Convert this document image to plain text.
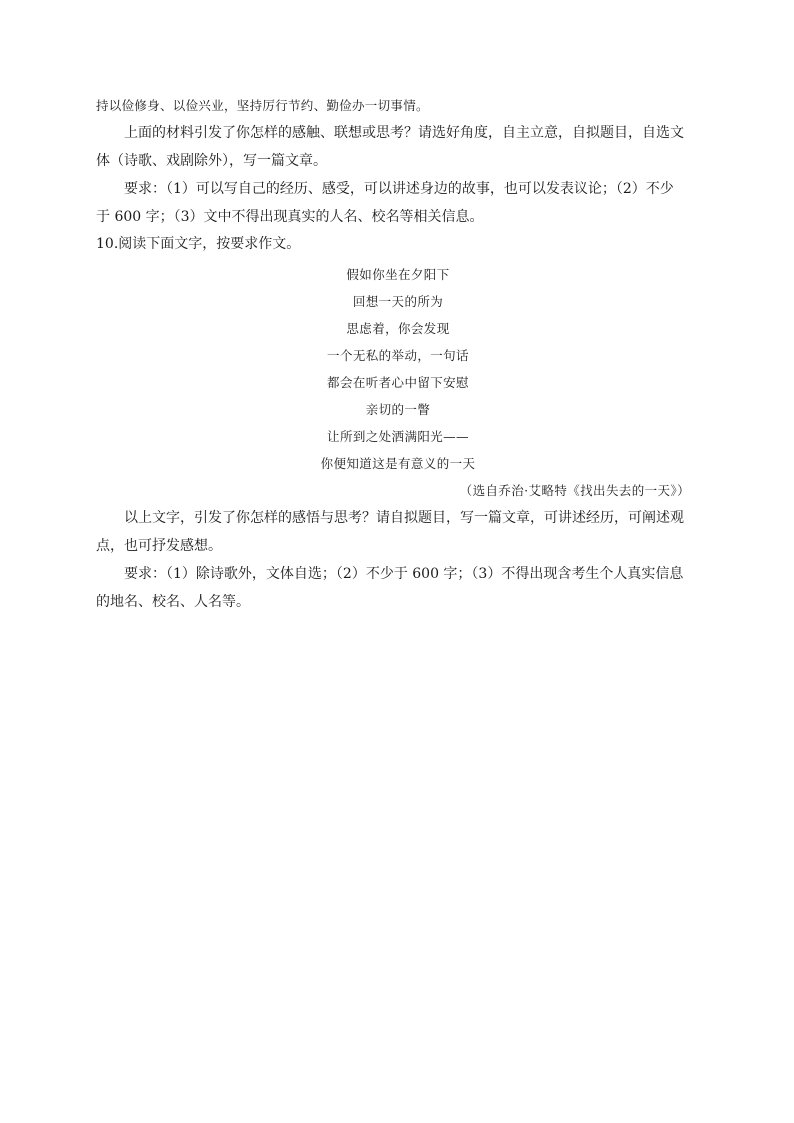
持以俭修身、以俭兴业，坚持厉行节约、勤俭办一切事情。
上面的材料引发了你怎样的感触、联想或思考？请选好角度，自主立意，自拟题目，自选文
体（诗歌、戏剧除外），写一篇文章。
要求：（1）可以写自己的经历、感受，可以讲述身边的故事，也可以发表议论；（2）不少
于 600 字；（3）文中不得出现真实的人名、校名等相关信息。
10.阅读下面文字，按要求作文。
假如你坐在夕阳下
回想一天的所为
思虑着，你会发现
一个无私的举动，一句话
都会在听者心中留下安慰
亲切的一瞥
让所到之处洒满阳光——
你便知道这是有意义的一天
（选自乔治·艾略特《找出失去的一天》）
以上文字，引发了你怎样的感悟与思考？请自拟题目，写一篇文章，可讲述经历，可阐述观
点，也可抒发感想。
要求：（1）除诗歌外，文体自选；（2）不少于 600 字；（3）不得出现含考生个人真实信息
的地名、校名、人名等。
